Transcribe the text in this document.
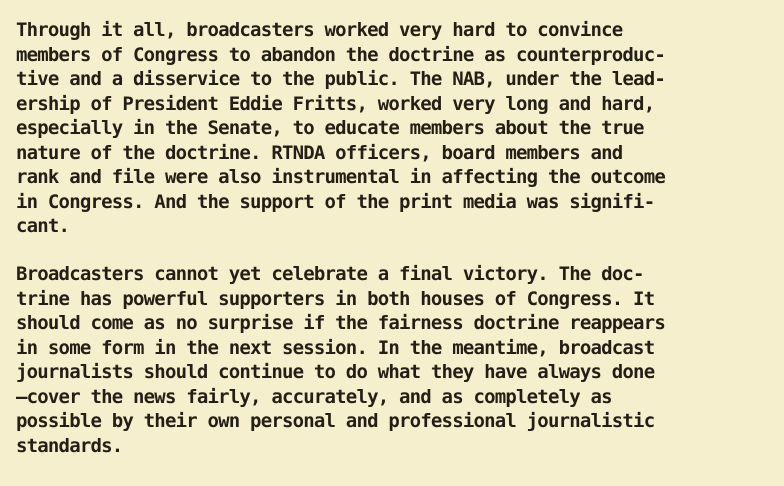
Through it all, broadcasters worked very hard to convince
members of Congress to abandon the doctrine as counterproduc-
tive and a disservice to the public. The NAB, under the lead-
ership of President Eddie Fritts, worked very long and hard,
especially in the Senate, to educate members about the true
nature of the doctrine. RTNDA officers, board members and
rank and file were also instrumental in affecting the outcome
in Congress. And the support of the print media was signifi-
cant.
Broadcasters cannot yet celebrate a final victory. The doc-
trine has powerful supporters in both houses of Congress. It
should come as no surprise if the fairness doctrine reappears
in some form in the next session. In the meantime, broadcast
journalists should continue to do what they have always done
—cover the news fairly, accurately, and as completely as
possible by their own personal and professional journalistic
standards.
